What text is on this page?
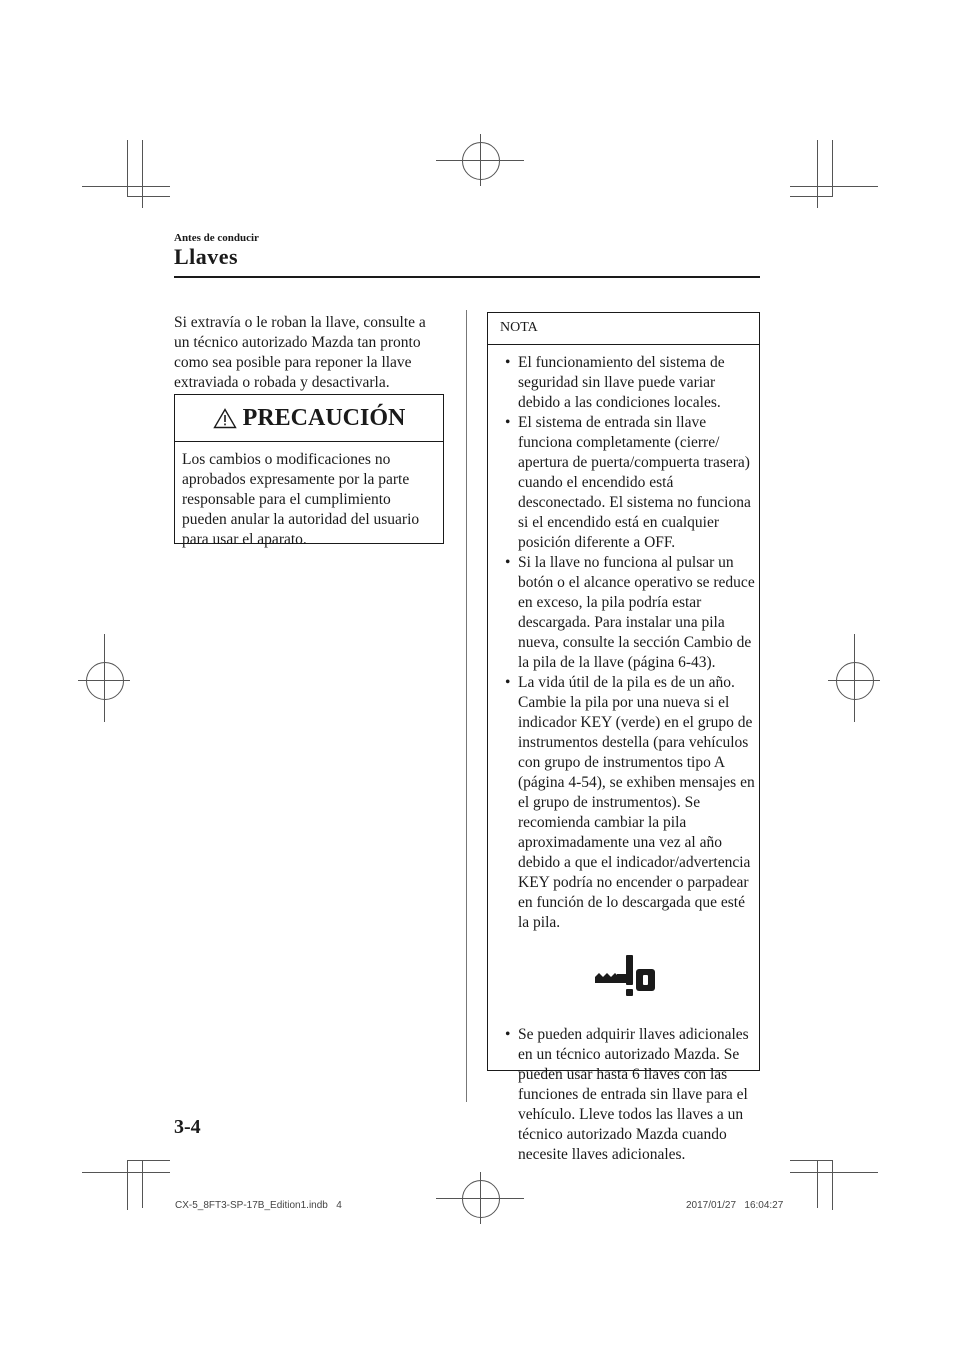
Antes de conducir
Llaves
Si extravía o le roban la llave, consulte a un técnico autorizado Mazda tan pronto como sea posible para reponer la llave extraviada o robada y desactivarla.
PRECAUCIÓN
Los cambios o modificaciones no aprobados expresamente por la parte responsable para el cumplimiento pueden anular la autoridad del usuario para usar el aparato.
NOTA
• El funcionamiento del sistema de seguridad sin llave puede variar debido a las condiciones locales.
• El sistema de entrada sin llave funciona completamente (cierre/ apertura de puerta/compuerta trasera) cuando el encendido está desconectado. El sistema no funciona si el encendido está en cualquier posición diferente a OFF.
• Si la llave no funciona al pulsar un botón o el alcance operativo se reduce en exceso, la pila podría estar descargada. Para instalar una pila nueva, consulte la sección Cambio de la pila de la llave (página 6-43).
• La vida útil de la pila es de un año. Cambie la pila por una nueva si el indicador KEY (verde) en el grupo de instrumentos destella (para vehículos con grupo de instrumentos tipo A (página 4-54), se exhiben mensajes en el grupo de instrumentos). Se recomienda cambiar la pila aproximadamente una vez al año debido a que el indicador/advertencia KEY podría no encender o parpadear en función de lo descargada que esté la pila.
• Se pueden adquirir llaves adicionales en un técnico autorizado Mazda. Se pueden usar hasta 6 llaves con las funciones de entrada sin llave para el vehículo. Lleve todos las llaves a un técnico autorizado Mazda cuando necesite llaves adicionales.
3-4
CX-5_8FT3-SP-17B_Edition1.indb   4	2017/01/27   16:04:27
